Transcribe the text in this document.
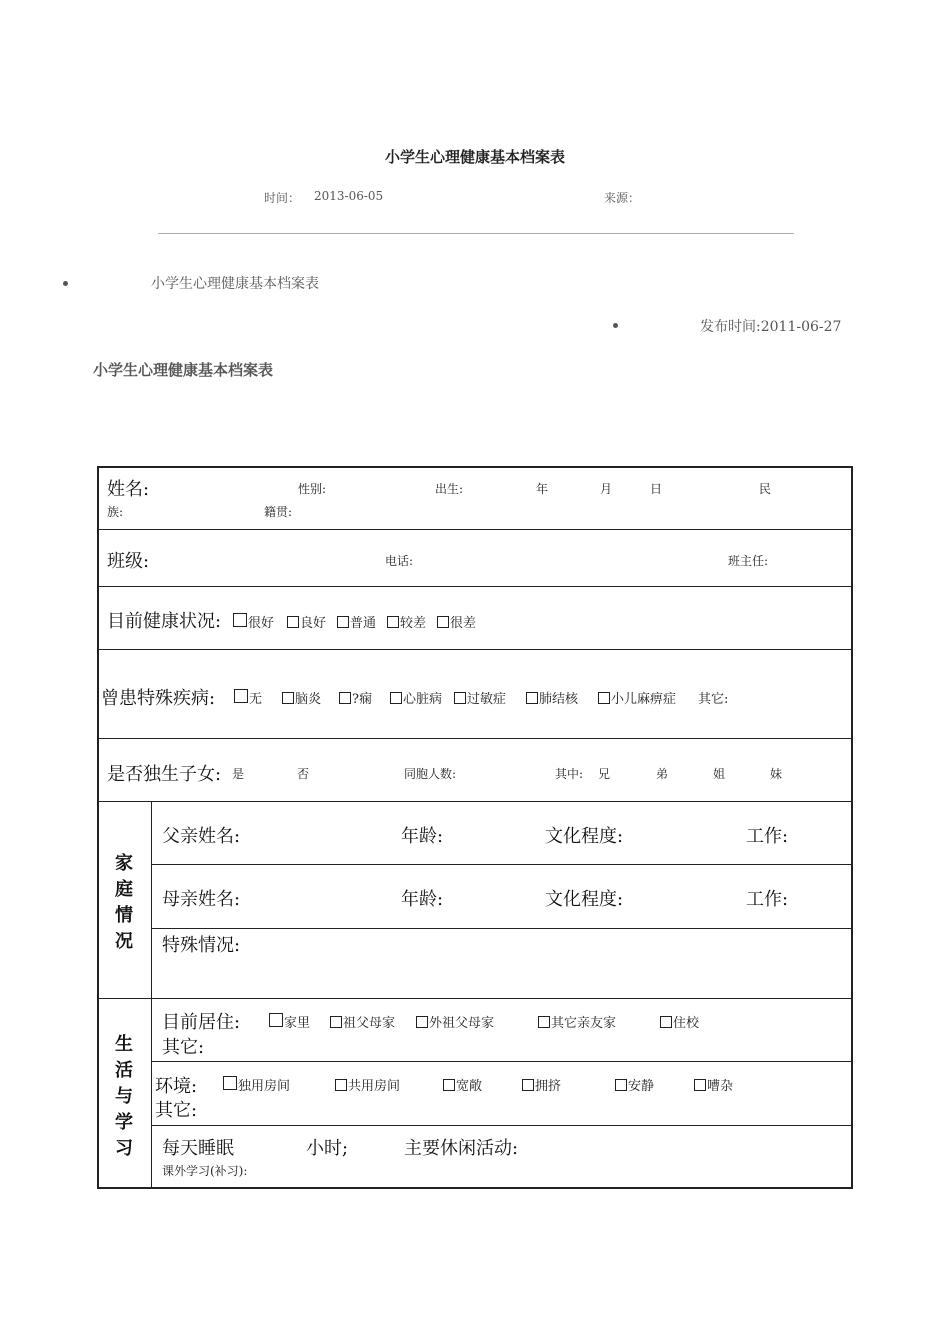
小学生心理健康基本档案表
时间： 2013-06-05	来源：
小学生心理健康基本档案表
发布时间:2011-06-27
小学生心理健康基本档案表
姓名:	性别:	出生:	年	月	日	民
族:	籍贯:
班级:	电话:	班主任:
目前健康状况:	很好	良好	普通	较差	很差
曾患特殊疾病:	无	脑炎	?痫	心脏病	过敏症	肺结核	小儿麻痹症 其它:
是否独生子女: 是	否	同胞人数:	其中: 兄	弟	姐	妹
家
庭
情
况
父亲姓名:	年龄:	文化程度:	工作:
母亲姓名:	年龄:	文化程度:	工作:
特殊情况:
生
活
与
学
习
目前居住:	家里	祖父母家	外祖父母家	其它亲友家	住校
其它:
环境:	独用房间	共用房间	宽敞	拥挤	安静	嘈杂
其它:
每天睡眠	小时;	主要休闲活动:
课外学习(补习):
